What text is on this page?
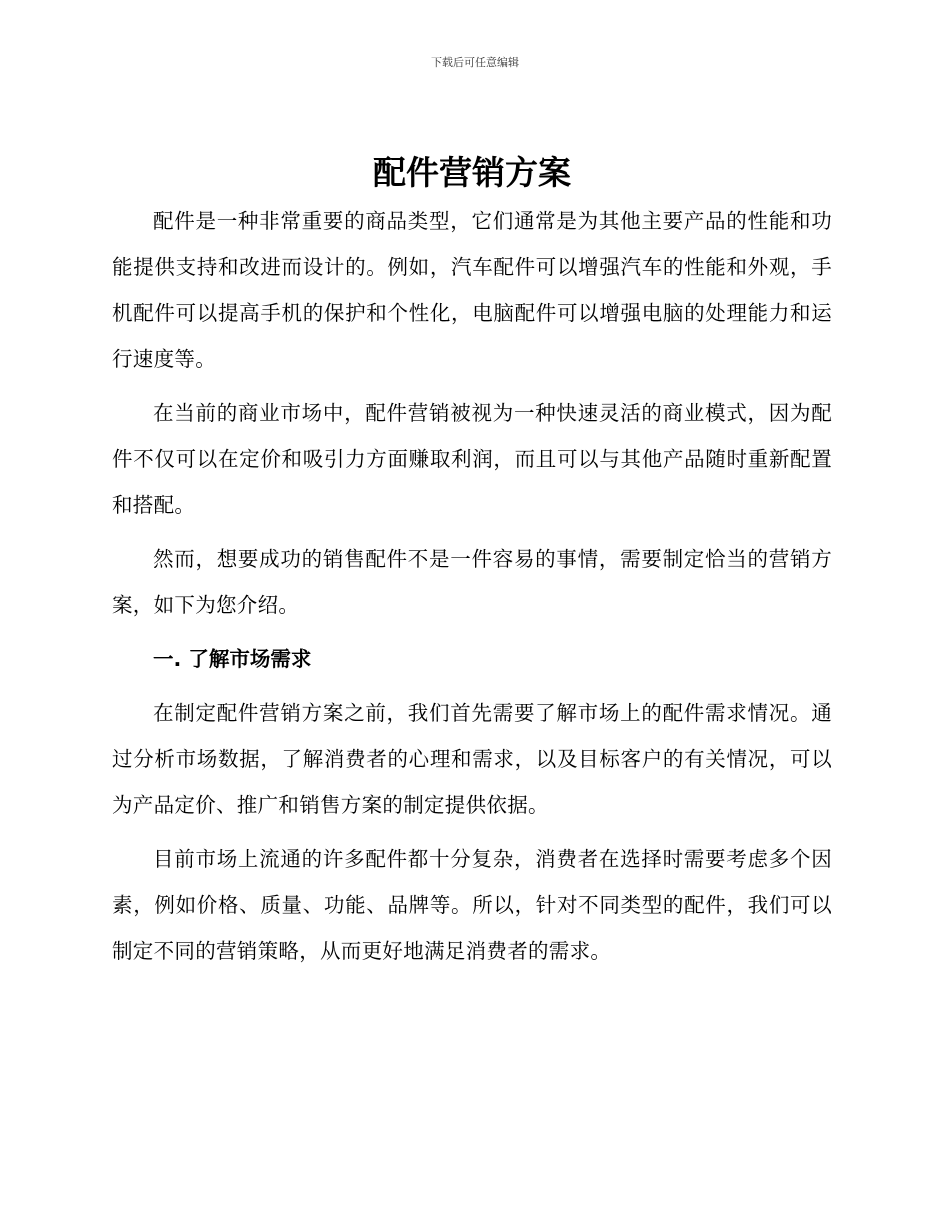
下载后可任意编辑
配件营销方案

配件是一种非常重要的商品类型，它们通常是为其他主要产品的性能和功能提供支持和改进而设计的。例如，汽车配件可以增强汽车的性能和外观，手机配件可以提高手机的保护和个性化，电脑配件可以增强电脑的处理能力和运行速度等。

在当前的商业市场中，配件营销被视为一种快速灵活的商业模式，因为配件不仅可以在定价和吸引力方面赚取利润，而且可以与其他产品随时重新配置和搭配。

然而，想要成功的销售配件不是一件容易的事情，需要制定恰当的营销方案，如下为您介绍。

一. 了解市场需求

在制定配件营销方案之前，我们首先需要了解市场上的配件需求情况。通过分析市场数据，了解消费者的心理和需求，以及目标客户的有关情况，可以为产品定价、推广和销售方案的制定提供依据。

目前市场上流通的许多配件都十分复杂，消费者在选择时需要考虑多个因素，例如价格、质量、功能、品牌等。所以，针对不同类型的配件，我们可以制定不同的营销策略，从而更好地满足消费者的需求。
